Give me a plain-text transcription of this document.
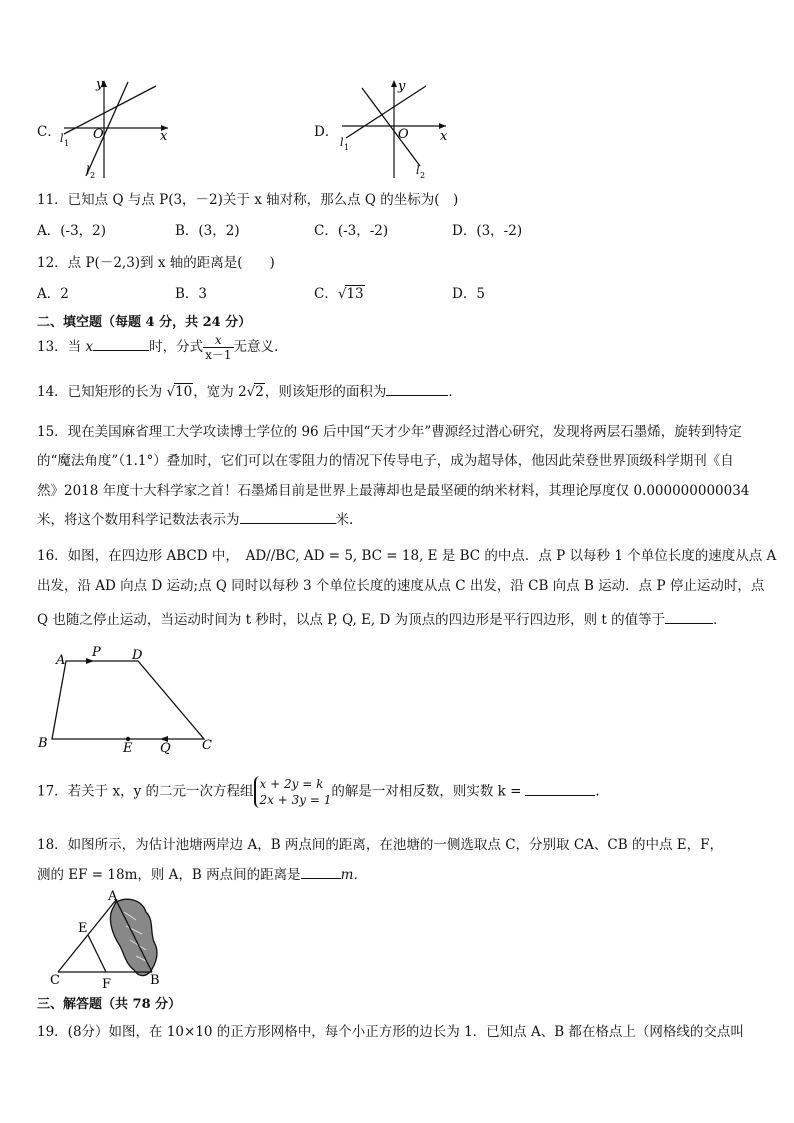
C．
y
x
O
l 1
l 2
D．
y
x
O
l 1
l 2
11．已知点 Q 与点 P(3，－2)关于 x 轴对称，那么点 Q 的坐标为(　)
A．(-3，2)	B．(3，2)	C．(-3，-2)	D．(3，-2)
12．点 P(－2,3)到 x 轴的距离是(　　)
A．2	B．3	C．√13	D．5
二、填空题（每题 4 分，共 24 分）
13．当 x	时，分式 $\frac{x}{x-1}$ 无意义.
14．已知矩形的长为 √10，宽为 2√2，则该矩形的面积为	．
15．现在美国麻省理工大学攻读博士学位的 96 后中国“天才少年”曹源经过潜心研究，发现将两层石墨烯，旋转到特定
的“魔法角度”（1.1°）叠加时，它们可以在零阻力的情况下传导电子，成为超导体，他因此荣登世界顶级科学期刊《自
然》2018 年度十大科学家之首！石墨烯目前是世界上最薄却也是最坚硬的纳米材料，其理论厚度仅 0.000000000034
米，将这个数用科学记数法表示为	米.
16．如图，在四边形 ABCD 中，　AD//BC, AD = 5, BC = 18, E 是 BC 的中点．点 P 以每秒 1 个单位长度的速度从点 A
出发，沿 AD 向点 D 运动;点 Q 同时以每秒 3 个单位长度的速度从点 C 出发，沿 CB 向点 B 运动．点 P 停止运动时，点
Q 也随之停止运动，当运动时间为 t 秒时，以点 P, Q, E, D 为顶点的四边形是平行四边形，则 t 的值等于	．
A
P D
B	E Q C
17．若关于 x，y 的二元一次方程组 x + 2y = k
2x + 3y = 1
的解是一对相反数，则实数 k =	.
18．如图所示，为估计池塘两岸边 A，B 两点间的距离，在池塘的一侧选取点 C，分别取 CA、CB 的中点 E，F，
测的 EF = 18m，则 A，B 两点间的距离是	m．
A
E
C	F	B
三、解答题（共 78 分）
19．(8分）如图，在 10×10 的正方形网格中，每个小正方形的边长为 1．已知点 A、B 都在格点上（网格线的交点叫
